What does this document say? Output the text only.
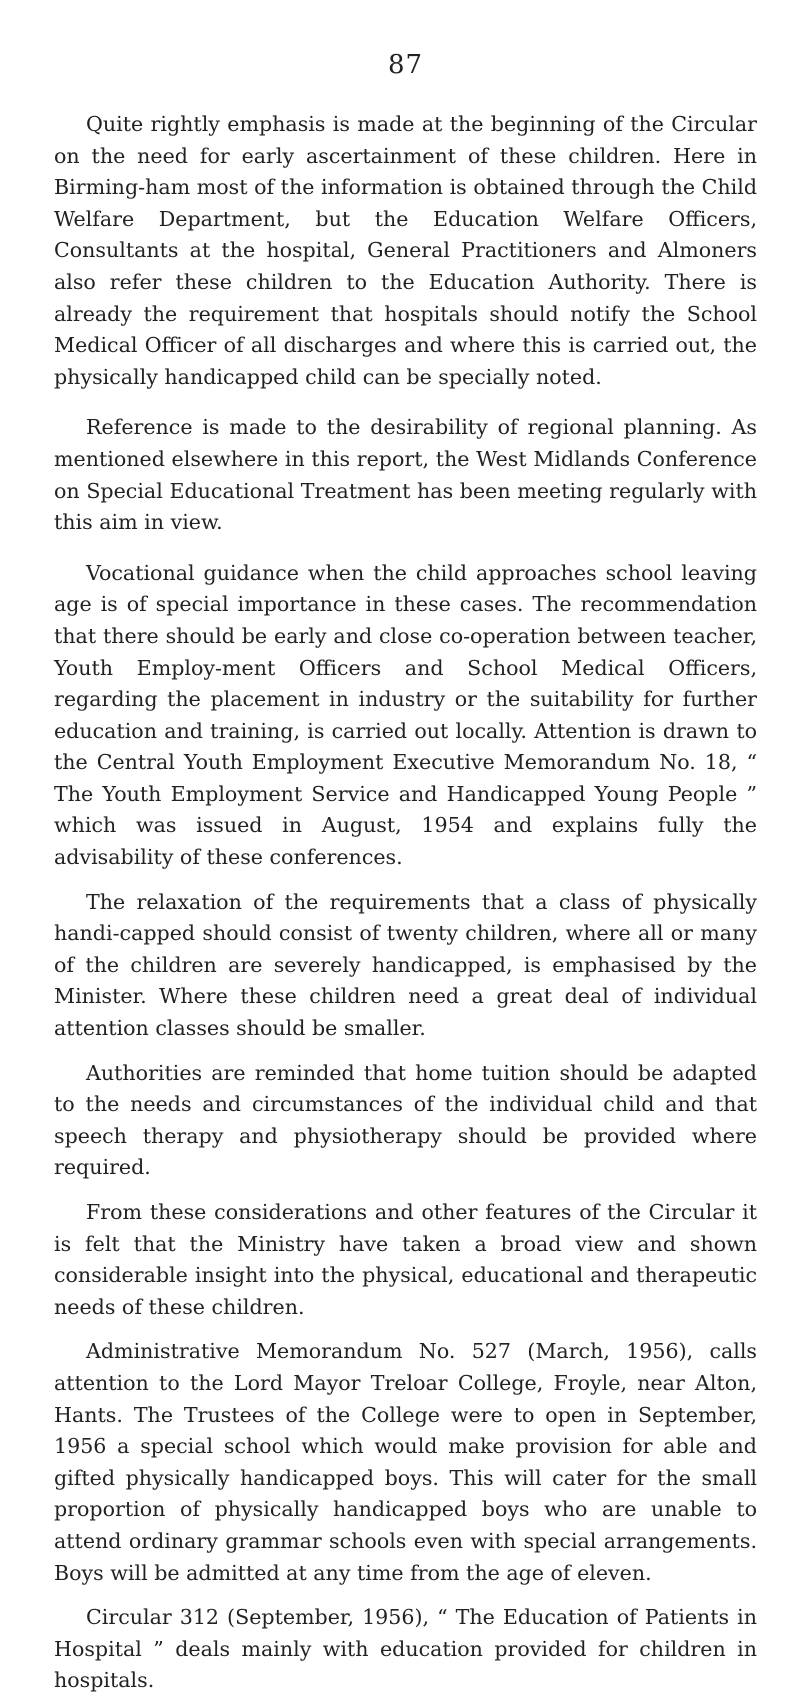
87

Quite rightly emphasis is made at the beginning of the Circular on the need for early ascertainment of these children. Here in Birming-ham most of the information is obtained through the Child Welfare Department, but the Education Welfare Officers, Consultants at the hospital, General Practitioners and Almoners also refer these children to the Education Authority. There is already the requirement that hospitals should notify the School Medical Officer of all discharges and where this is carried out, the physically handicapped child can be specially noted.

Reference is made to the desirability of regional planning. As mentioned elsewhere in this report, the West Midlands Conference on Special Educational Treatment has been meeting regularly with this aim in view.

Vocational guidance when the child approaches school leaving age is of special importance in these cases. The recommendation that there should be early and close co-operation between teacher, Youth Employ-ment Officers and School Medical Officers, regarding the placement in industry or the suitability for further education and training, is carried out locally. Attention is drawn to the Central Youth Employment Executive Memorandum No. 18, “ The Youth Employment Service and Handicapped Young People ” which was issued in August, 1954 and explains fully the advisability of these conferences.

The relaxation of the requirements that a class of physically handi-capped should consist of twenty children, where all or many of the children are severely handicapped, is emphasised by the Minister. Where these children need a great deal of individual attention classes should be smaller.

Authorities are reminded that home tuition should be adapted to the needs and circumstances of the individual child and that speech therapy and physiotherapy should be provided where required.

From these considerations and other features of the Circular it is felt that the Ministry have taken a broad view and shown considerable insight into the physical, educational and therapeutic needs of these children.

Administrative Memorandum No. 527 (March, 1956), calls attention to the Lord Mayor Treloar College, Froyle, near Alton, Hants. The Trustees of the College were to open in September, 1956 a special school which would make provision for able and gifted physically handicapped boys. This will cater for the small proportion of physically handicapped boys who are unable to attend ordinary grammar schools even with special arrangements. Boys will be admitted at any time from the age of eleven.

Circular 312 (September, 1956), “ The Education of Patients in Hospital ” deals mainly with education provided for children in hospitals.
